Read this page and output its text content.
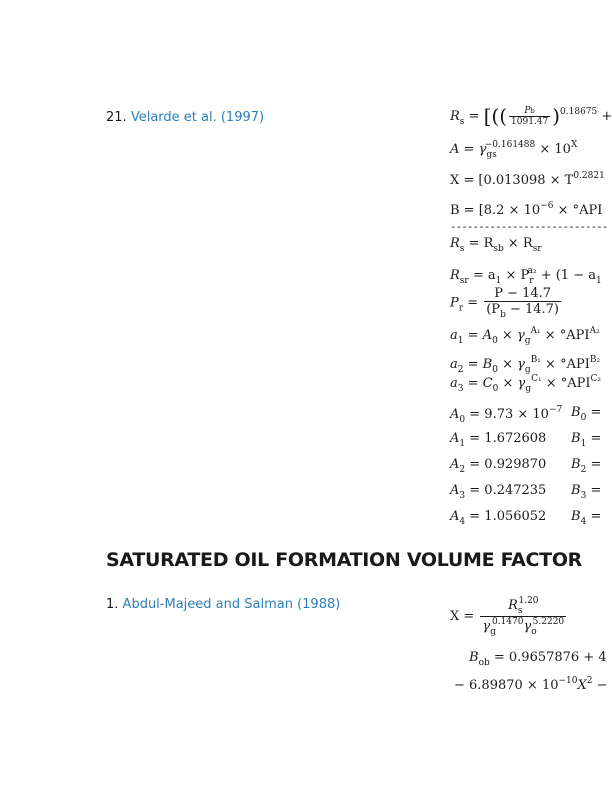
21. Velarde et al. (1997)	$R_s$ = [(( $\frac{Pb}{1091.47} )^{0.18675}$ +
$A = \gamma_{gs}^{-0.161488} \times 10^X$
$X = [0.013098 \times T^{0.2821}$
$B = [8.2 \times 10^{-6} \times ^\circ API$
----------------------------
$R_s = R_{sb} \times R_{sr}$
$R_{sr} = a_1 \times P_r^{a_2} + (1 - a_1$
$P_r = \frac{P - 14.7}{(P_b - 14.7)}$
$a_1 = A_0 \times \gamma_g^{A_1} \times ^\circ API^{A_2}$
$a_2 = B_0 \times \gamma_g^{B_1} \times ^\circ API^{B_2}$
$a_3 = C_0 \times \gamma_g^{C_1} \times ^\circ API^{C_2}$
$A_0 = 9.73 \times 10^{-7}$ $B_0$ =
$A_1 = 1.672608$ $B_1$ =
$A_2 = 0.929870$ $B_2$ =
$A_3 = 0.247235$ $B_3$ =
$A_4 = 1.056052$ $B_4$ =
SATURATED OIL FORMATION VOLUME FACTOR
1. Abdul-Majeed and Salman (1988)
$X = \frac{R_s^{1.20}}{\gamma_g^{0.1470}\gamma_o^{5.2220}}$
$B_{ob} = 0.9657876 + 4$
− $6.89870 \times 10^{-10}X^2$ −
